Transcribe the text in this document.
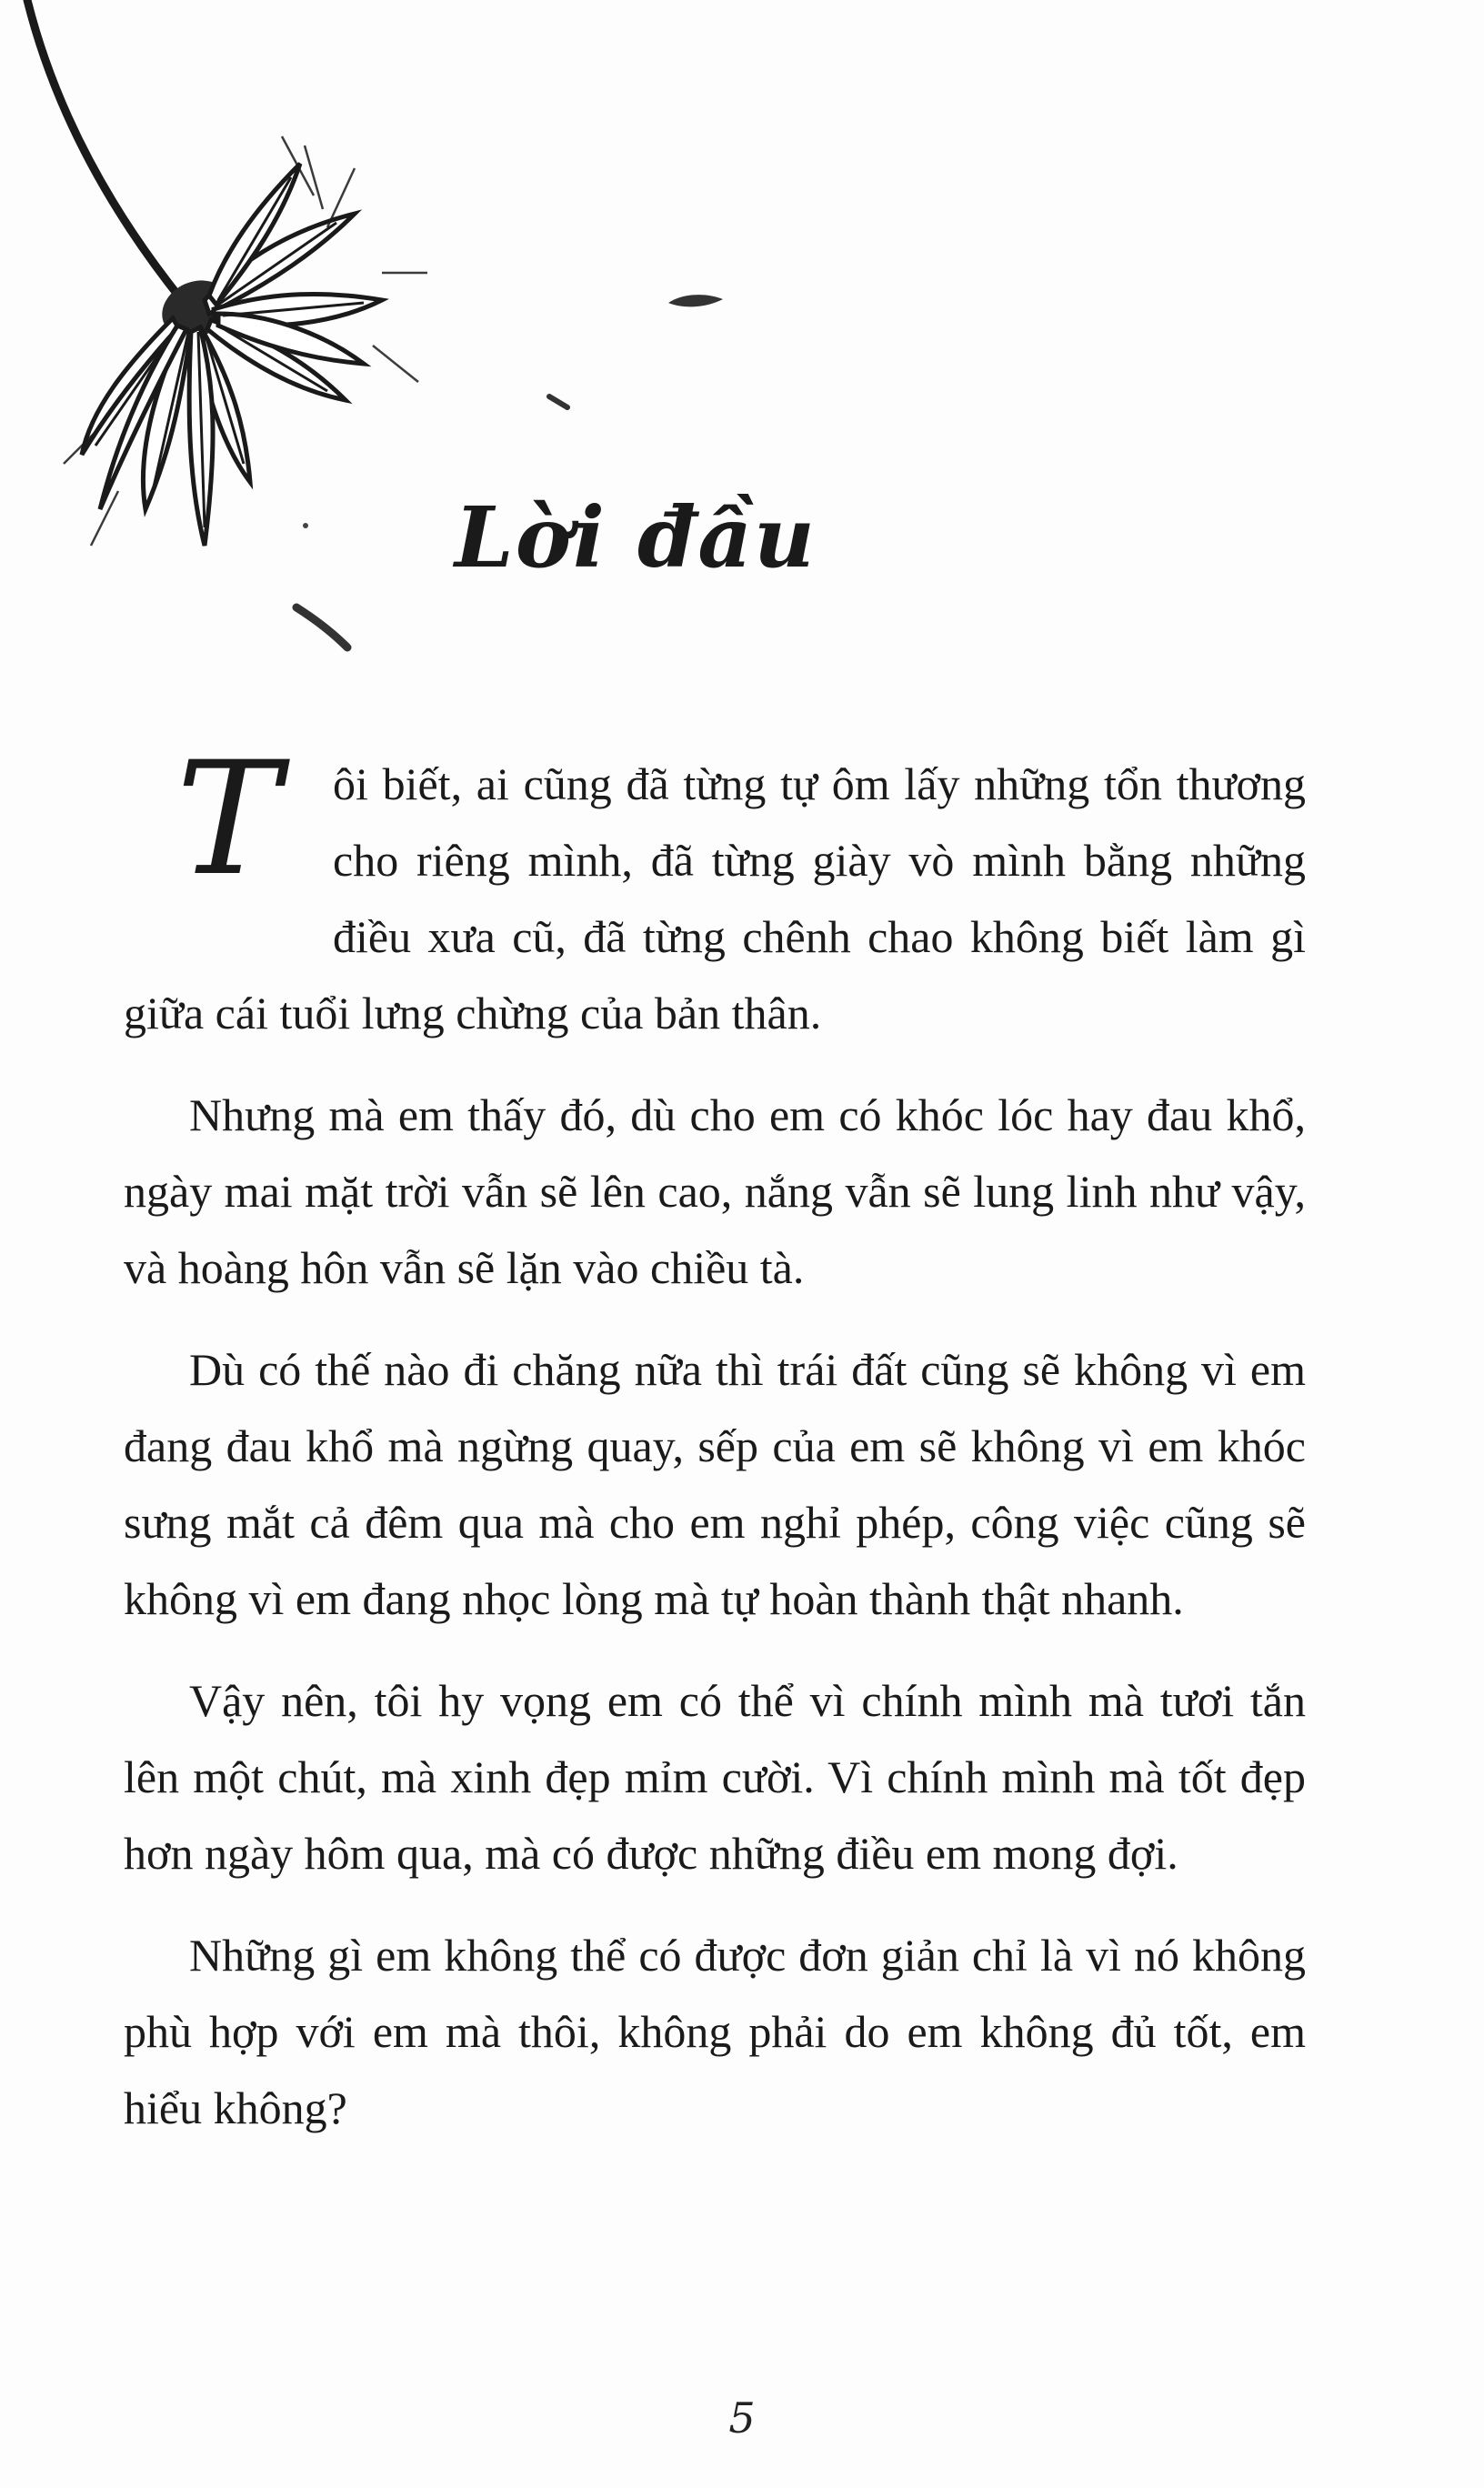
Lời đầu

T	ôi biết, ai cũng đã từng tự ôm lấy những tổn thương cho riêng mình, đã từng giày vò mình bằng những điều xưa cũ, đã từng chênh chao không biết làm gì giữa cái tuổi lưng chừng của bản thân.

Nhưng mà em thấy đó, dù cho em có khóc lóc hay đau khổ, ngày mai mặt trời vẫn sẽ lên cao, nắng vẫn sẽ lung linh như vậy, và hoàng hôn vẫn sẽ lặn vào chiều tà.

Dù có thế nào đi chăng nữa thì trái đất cũng sẽ không vì em đang đau khổ mà ngừng quay, sếp của em sẽ không vì em khóc sưng mắt cả đêm qua mà cho em nghỉ phép, công việc cũng sẽ không vì em đang nhọc lòng mà tự hoàn thành thật nhanh.

Vậy nên, tôi hy vọng em có thể vì chính mình mà tươi tắn lên một chút, mà xinh đẹp mỉm cười. Vì chính mình mà tốt đẹp hơn ngày hôm qua, mà có được những điều em mong đợi.

Những gì em không thể có được đơn giản chỉ là vì nó không phù hợp với em mà thôi, không phải do em không đủ tốt, em hiểu không?

5
